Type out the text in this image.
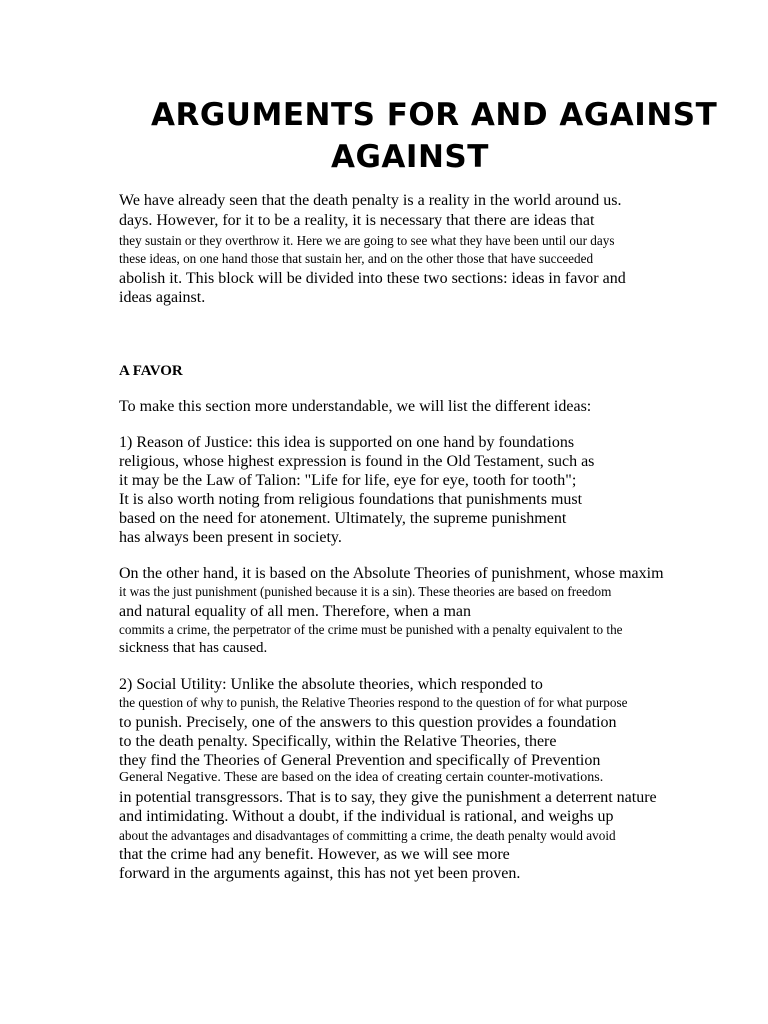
ARGUMENTS FOR AND AGAINST
AGAINST
We have already seen that the death penalty is a reality in the world around us.
days. However, for it to be a reality, it is necessary that there are ideas that
they sustain or they overthrow it. Here we are going to see what they have been until our days
these ideas, on one hand those that sustain her, and on the other those that have succeeded
abolish it. This block will be divided into these two sections: ideas in favor and
ideas against.
A FAVOR
To make this section more understandable, we will list the different ideas:
1) Reason of Justice: this idea is supported on one hand by foundations
religious, whose highest expression is found in the Old Testament, such as
it may be the Law of Talion: "Life for life, eye for eye, tooth for tooth";
It is also worth noting from religious foundations that punishments must
based on the need for atonement. Ultimately, the supreme punishment
has always been present in society.
On the other hand, it is based on the Absolute Theories of punishment, whose maxim
it was the just punishment (punished because it is a sin). These theories are based on freedom
and natural equality of all men. Therefore, when a man
commits a crime, the perpetrator of the crime must be punished with a penalty equivalent to the
sickness that has caused.
2) Social Utility: Unlike the absolute theories, which responded to
the question of why to punish, the Relative Theories respond to the question of for what purpose
to punish. Precisely, one of the answers to this question provides a foundation
to the death penalty. Specifically, within the Relative Theories, there
they find the Theories of General Prevention and specifically of Prevention
General Negative. These are based on the idea of creating certain counter-motivations.
in potential transgressors. That is to say, they give the punishment a deterrent nature
and intimidating. Without a doubt, if the individual is rational, and weighs up
about the advantages and disadvantages of committing a crime, the death penalty would avoid
that the crime had any benefit. However, as we will see more
forward in the arguments against, this has not yet been proven.
